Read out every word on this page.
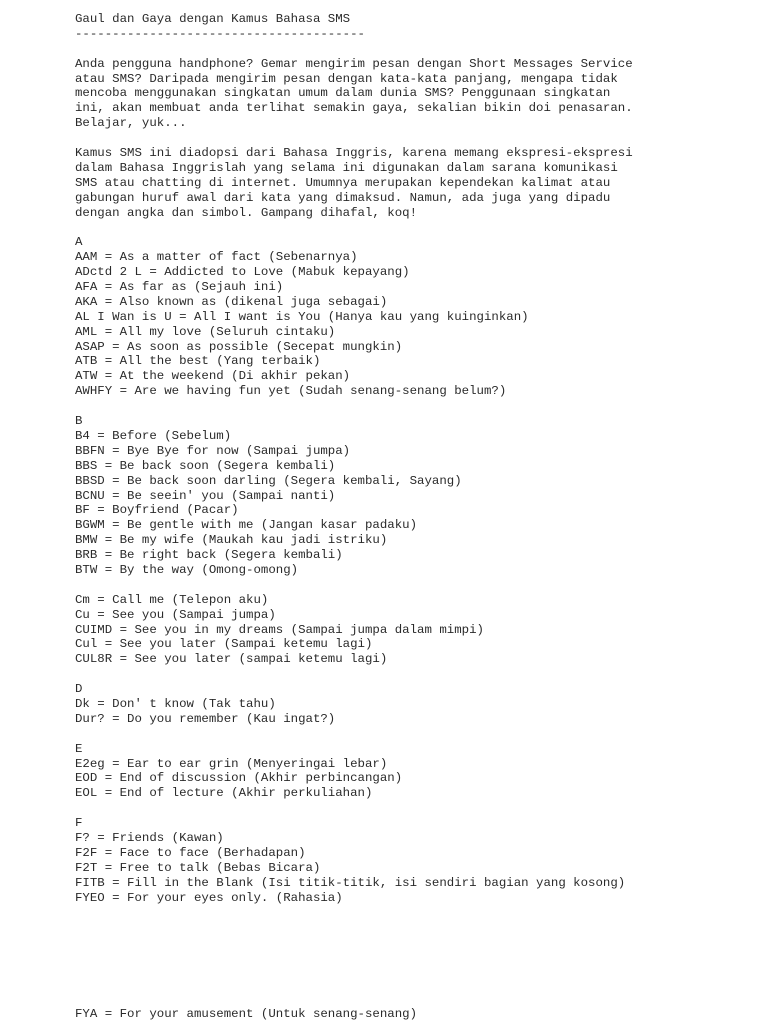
Gaul dan Gaya dengan Kamus Bahasa SMS
---------------------------------------
Anda pengguna handphone? Gemar mengirim pesan dengan Short Messages Service
atau SMS? Daripada mengirim pesan dengan kata-kata panjang, mengapa tidak
mencoba menggunakan singkatan umum dalam dunia SMS? Penggunaan singkatan
ini, akan membuat anda terlihat semakin gaya, sekalian bikin doi penasaran.
Belajar, yuk...
Kamus SMS ini diadopsi dari Bahasa Inggris, karena memang ekspresi-ekspresi
dalam Bahasa Inggrislah yang selama ini digunakan dalam sarana komunikasi
SMS atau chatting di internet. Umumnya merupakan kependekan kalimat atau
gabungan huruf awal dari kata yang dimaksud. Namun, ada juga yang dipadu
dengan angka dan simbol. Gampang dihafal, koq!
A
AAM = As a matter of fact (Sebenarnya)
ADctd 2 L = Addicted to Love (Mabuk kepayang)
AFA = As far as (Sejauh ini)
AKA = Also known as (dikenal juga sebagai)
AL I Wan is U = All I want is You (Hanya kau yang kuinginkan)
AML = All my love (Seluruh cintaku)
ASAP = As soon as possible (Secepat mungkin)
ATB = All the best (Yang terbaik)
ATW = At the weekend (Di akhir pekan)
AWHFY = Are we having fun yet (Sudah senang-senang belum?)
B
B4 = Before (Sebelum)
BBFN = Bye Bye for now (Sampai jumpa)
BBS = Be back soon (Segera kembali)
BBSD = Be back soon darling (Segera kembali, Sayang)
BCNU = Be seein' you (Sampai nanti)
BF = Boyfriend (Pacar)
BGWM = Be gentle with me (Jangan kasar padaku)
BMW = Be my wife (Maukah kau jadi istriku)
BRB = Be right back (Segera kembali)
BTW = By the way (Omong-omong)
Cm = Call me (Telepon aku)
Cu = See you (Sampai jumpa)
CUIMD = See you in my dreams (Sampai jumpa dalam mimpi)
Cul = See you later (Sampai ketemu lagi)
CUL8R = See you later (sampai ketemu lagi)
D
Dk = Don' t know (Tak tahu)
Dur? = Do you remember (Kau ingat?)
E
E2eg = Ear to ear grin (Menyeringai lebar)
EOD = End of discussion (Akhir perbincangan)
EOL = End of lecture (Akhir perkuliahan)
F
F? = Friends (Kawan)
F2F = Face to face (Berhadapan)
F2T = Free to talk (Bebas Bicara)
FITB = Fill in the Blank (Isi titik-titik, isi sendiri bagian yang kosong)
FYEO = For your eyes only. (Rahasia)
FYA = For your amusement (Untuk senang-senang)
